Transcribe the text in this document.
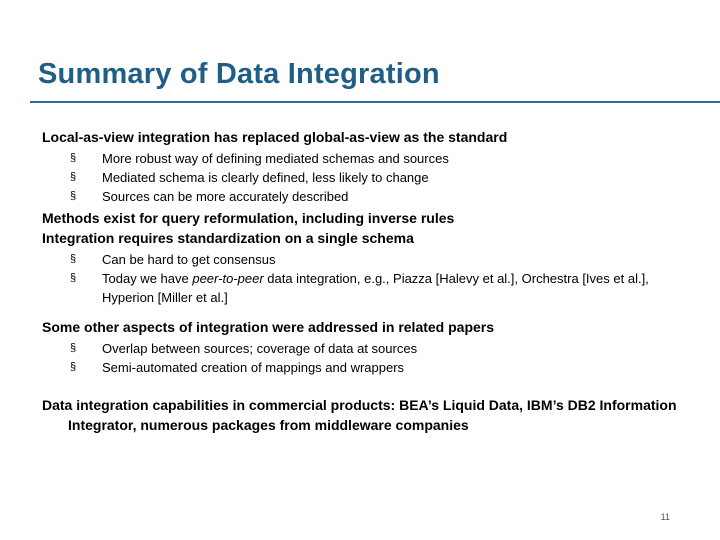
Summary of Data Integration

Local-as-view integration has replaced global-as-view as the standard

§	More robust way of defining mediated schemas and sources
§	Mediated schema is clearly defined, less likely to change
§	Sources can be more accurately described

Methods exist for query reformulation, including inverse rules

Integration requires standardization on a single schema

§	Can be hard to get consensus
§	Today we have peer-to-peer data integration, e.g., Piazza [Halevy et al.], Orchestra [Ives et al.], Hyperion [Miller et al.]

Some other aspects of integration were addressed in related papers

§	Overlap between sources; coverage of data at sources
§	Semi-automated creation of mappings and wrappers

Data integration capabilities in commercial products: BEA’s Liquid Data, IBM’s DB2 Information Integrator, numerous packages from middleware companies

11
